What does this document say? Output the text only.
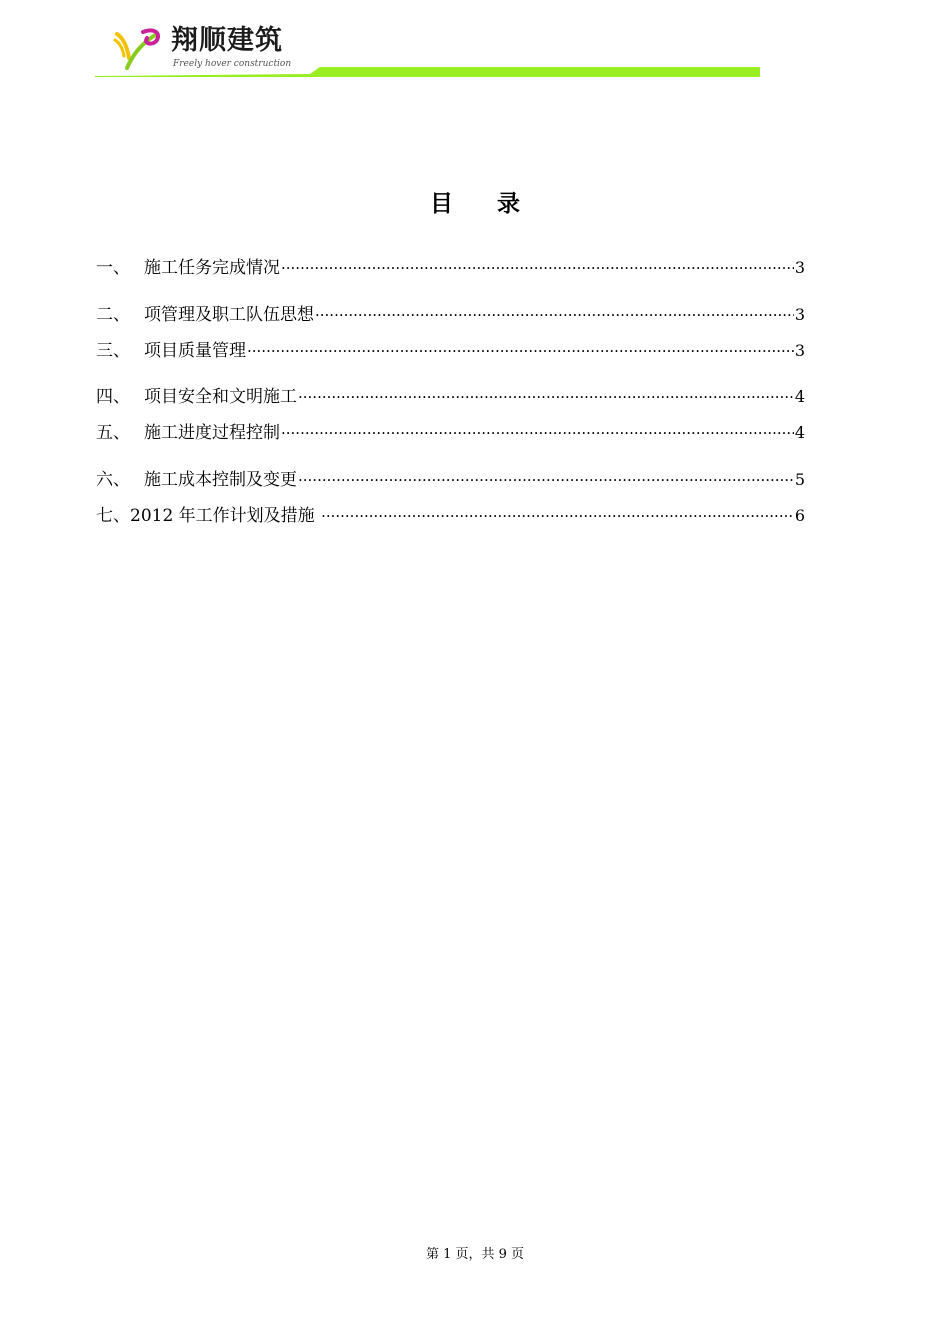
翔顺建筑
Freely hover construction
目 录
一、 施工任务完成情况 ·····	3
二、 项管理及职工队伍思想 ·····	3
三、 项目质量管理 ·····	3
四、 项目安全和文明施工 ·····	4
五、 施工进度过程控制 ·····	4
六、 施工成本控制及变更 ·····	5
七、 2012 年工作计划及措施 ·····	6
第 1 页，共 9 页
